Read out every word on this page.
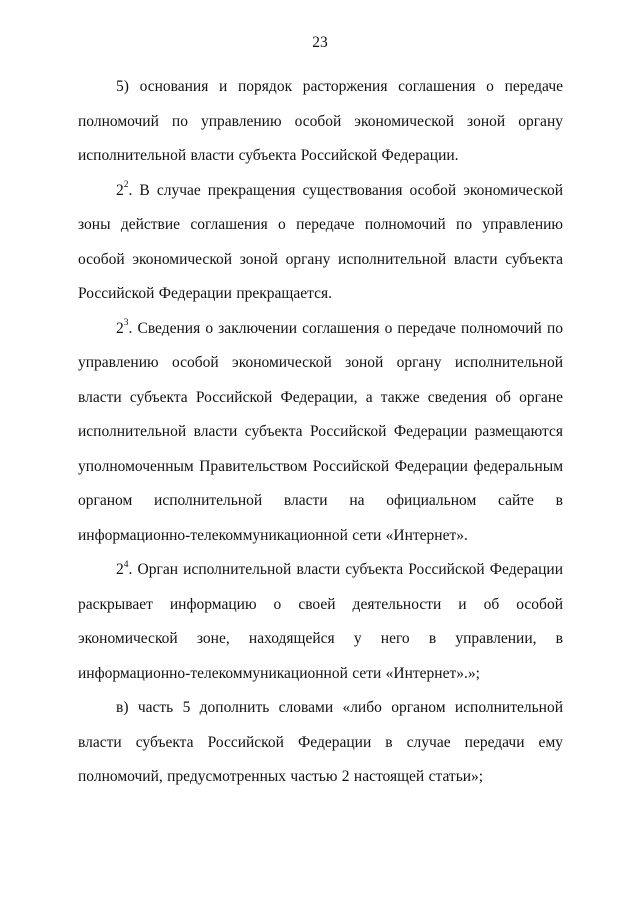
23

5) основания и порядок расторжения соглашения о передаче полномочий по управлению особой экономической зоной органу исполнительной власти субъекта Российской Федерации.

$2^2$. В случае прекращения существования особой экономической зоны действие соглашения о передаче полномочий по управлению особой экономической зоной органу исполнительной власти субъекта Российской Федерации прекращается.

$2^3$. Сведения о заключении соглашения о передаче полномочий по управлению особой экономической зоной органу исполнительной власти субъекта Российской Федерации, а также сведения об органе исполнительной власти субъекта Российской Федерации размещаются уполномоченным Правительством Российской Федерации федеральным органом исполнительной власти на официальном сайте в информационно-телекоммуникационной сети «Интернет».

$2^4$. Орган исполнительной власти субъекта Российской Федерации раскрывает информацию о своей деятельности и об особой экономической зоне, находящейся у него в управлении, в информационно-телекоммуникационной сети «Интернет».»;

в) часть 5 дополнить словами «либо органом исполнительной власти субъекта Российской Федерации в случае передачи ему полномочий, предусмотренных частью 2 настоящей статьи»;
